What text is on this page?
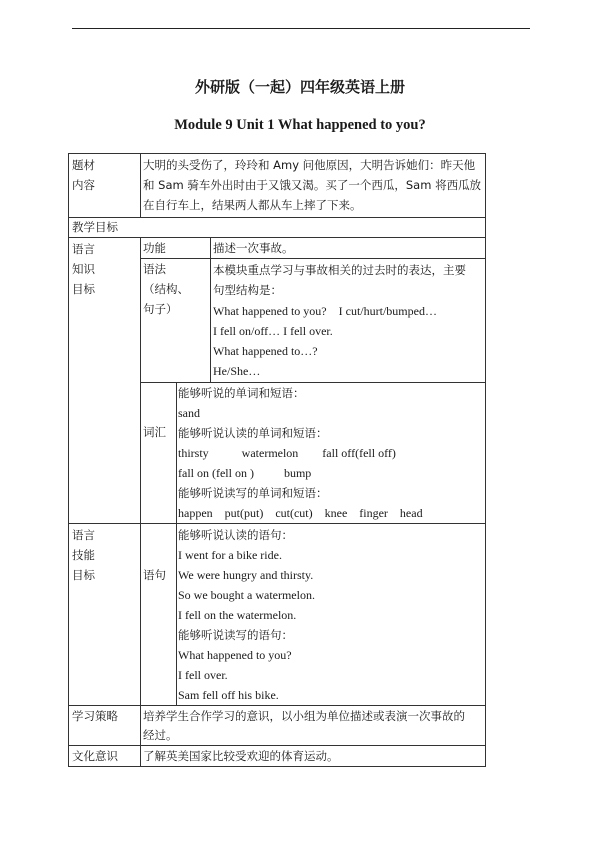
外研版（一起）四年级英语上册
Module 9 Unit 1 What happened to you?
题材
内容
大明的头受伤了，玲玲和 Amy 问他原因，大明告诉她们：昨天他
和 Sam 骑车外出时由于又饿又渴。买了一个西瓜，Sam 将西瓜放
在自行车上，结果两人都从车上摔了下来。
教学目标
语言
知识
目标
功能	描述一次事故。
语法
（结构、
句子）
本模块重点学习与事故相关的过去时的表达，主要
句型结构是：
What happened to you?    I cut/hurt/bumped…
I fell on/off… I fell over.
What happened to…?
He/She…
词汇
能够听说的单词和短语：
sand
能够听说认读的单词和短语：
thirsty           watermelon        fall off(fell off)
fall on (fell on )          bump
能够听说读写的单词和短语：
happen    put(put)    cut(cut)    knee    finger    head
语言
技能
目标	语句
能够听说认读的语句：
I went for a bike ride.
We were hungry and thirsty.
So we bought a watermelon.
I fell on the watermelon.
能够听说读写的语句：
What happened to you?
I fell over.
Sam fell off his bike.
学习策略 培养学生合作学习的意识，以小组为单位描述或表演一次事故的
经过。
文化意识 了解英美国家比较受欢迎的体育运动。
